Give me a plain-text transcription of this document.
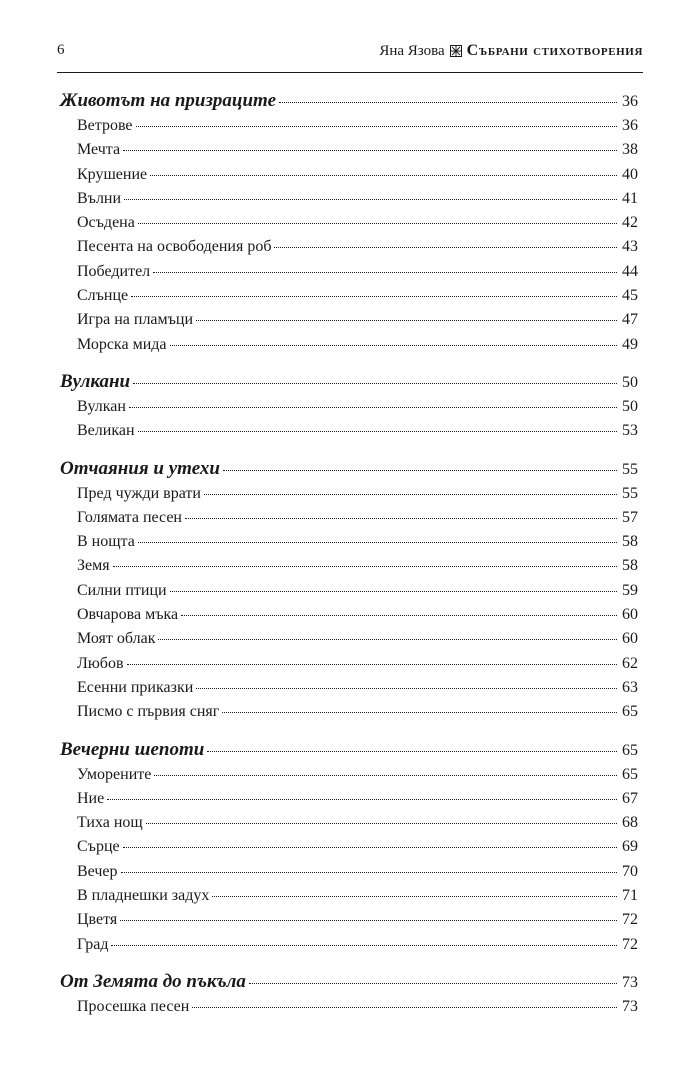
6	Яна Язова Събрани стихотворения
Животът на призраците	36
Ветрове	36
Мечта	38
Крушение	40
Вълни	41
Осъдена	42
Песента на освободения роб	43
Победител	44
Слънце	45
Игра на пламъци	47
Морска мида	49
Вулкани	50
Вулкан	50
Великан	53
Отчаяния и утехи	55
Пред чужди врати	55
Голямата песен	57
В нощта	58
Земя	58
Силни птици	59
Овчарова мъка	60
Моят облак	60
Любов	62
Есенни приказки	63
Писмо с първия сняг	65
Вечерни шепоти	65
Уморените	65
Ние	67
Тиха нощ	68
Сърце	69
Вечер	70
В пладнешки задух	71
Цветя	72
Град	72
От Земята до пъкъла	73
Просешка песен	73
